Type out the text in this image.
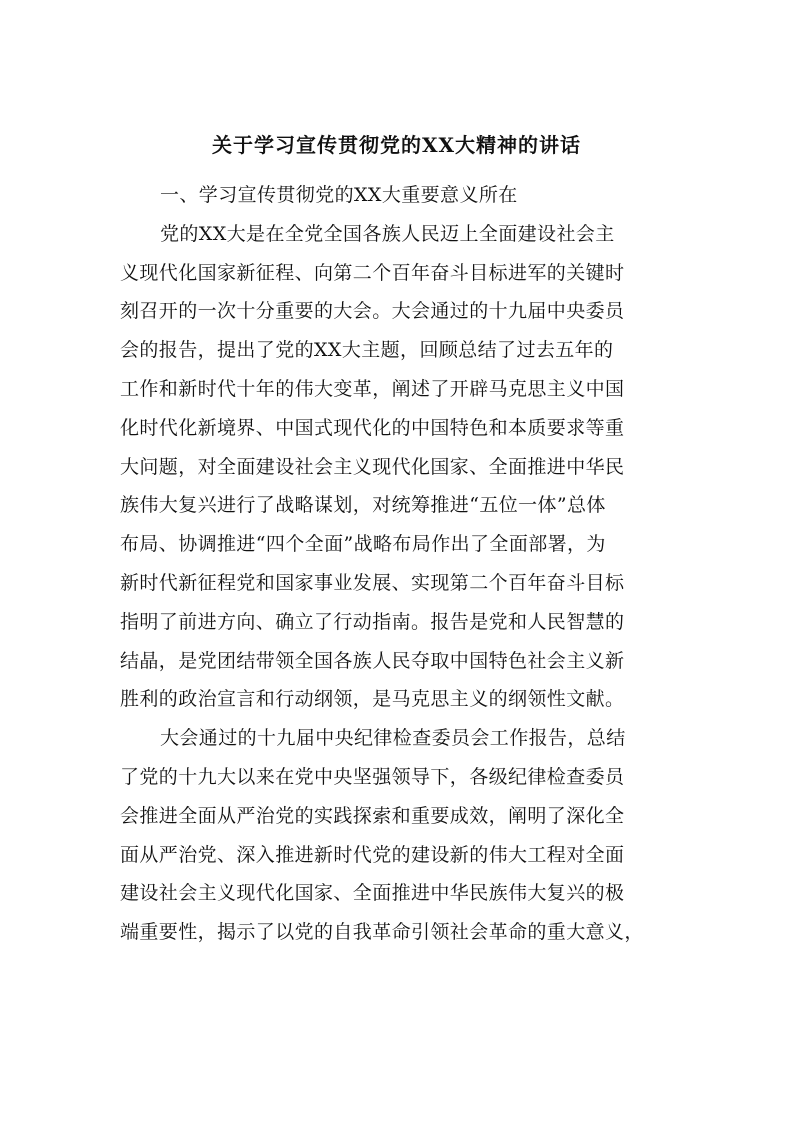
关于学习宣传贯彻党的XX大精神的讲话
一、学习宣传贯彻党的XX大重要意义所在
党的XX大是在全党全国各族人民迈上全面建设社会主
义现代化国家新征程、向第二个百年奋斗目标进军的关键时
刻召开的一次十分重要的大会。大会通过的十九届中央委员
会的报告，提出了党的XX大主题，回顾总结了过去五年的
工作和新时代十年的伟大变革，阐述了开辟马克思主义中国
化时代化新境界、中国式现代化的中国特色和本质要求等重
大问题，对全面建设社会主义现代化国家、全面推进中华民
族伟大复兴进行了战略谋划，对统筹推进“五位一体”总体
布局、协调推进“四个全面”战略布局作出了全面部署，为
新时代新征程党和国家事业发展、实现第二个百年奋斗目标
指明了前进方向、确立了行动指南。报告是党和人民智慧的
结晶，是党团结带领全国各族人民夺取中国特色社会主义新
胜利的政治宣言和行动纲领，是马克思主义的纲领性文献。
大会通过的十九届中央纪律检查委员会工作报告，总结
了党的十九大以来在党中央坚强领导下，各级纪律检查委员
会推进全面从严治党的实践探索和重要成效，阐明了深化全
面从严治党、深入推进新时代党的建设新的伟大工程对全面
建设社会主义现代化国家、全面推进中华民族伟大复兴的极
端重要性，揭示了以党的自我革命引领社会革命的重大意义，
